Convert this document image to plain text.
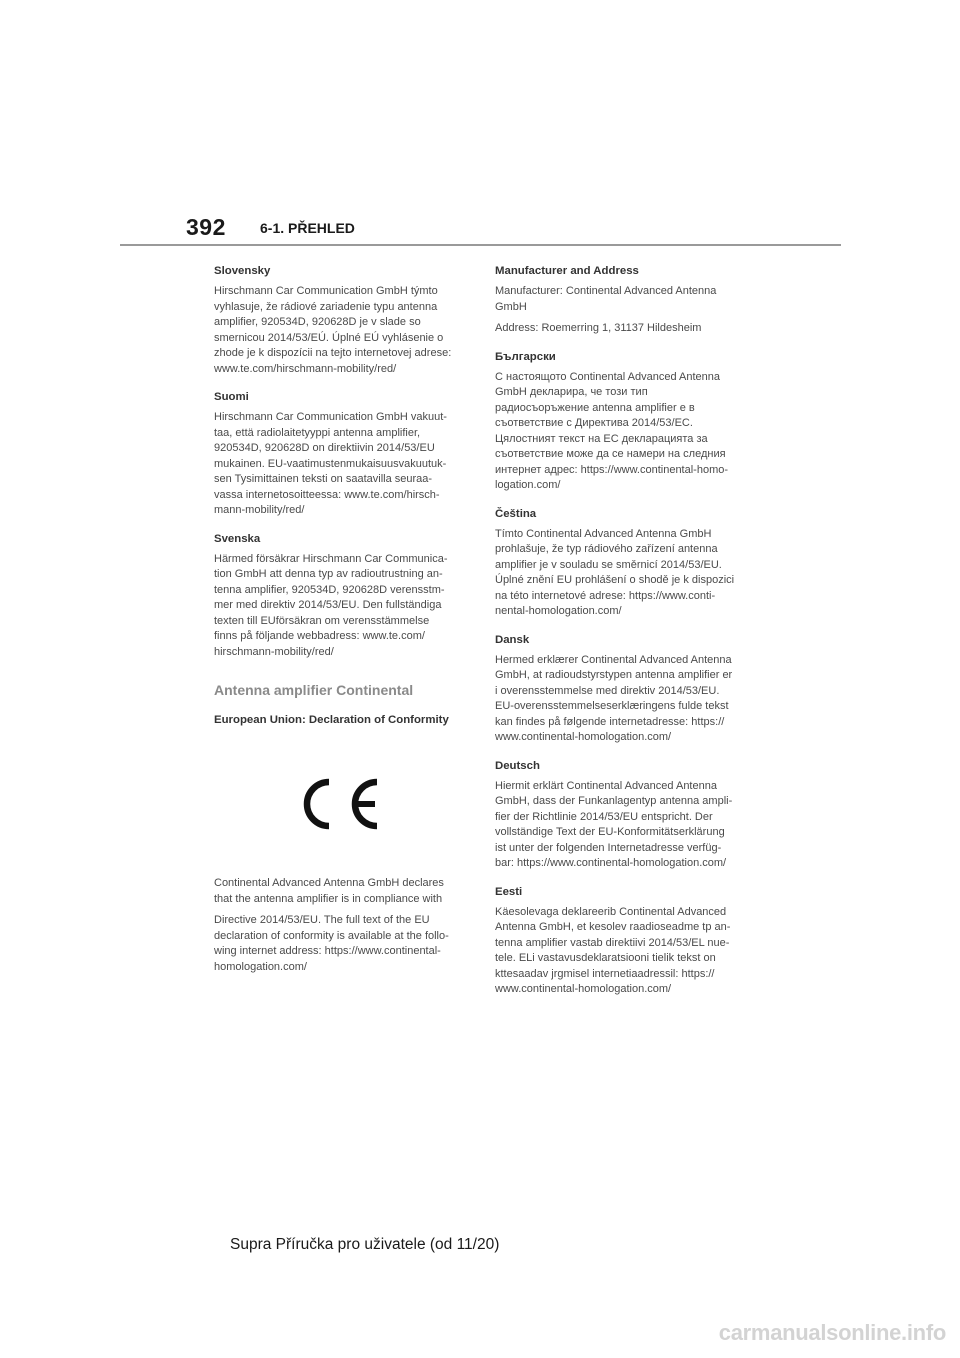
392 6-1. PŘEHLED
Slovensky
Hirschmann Car Communication GmbH týmto
vyhlasuje, že rádiové zariadenie typu antenna
amplifier, 920534D, 920628D je v slade so
smernicou 2014/53/EÚ. Úplné EÚ vyhlásenie o
zhode je k dispozícii na tejto internetovej adrese:
www.te.com/hirschmann-mobility/red/
Suomi
Hirschmann Car Communication GmbH vakuut-
taa, että radiolaitetyyppi antenna amplifier,
920534D, 920628D on direktiivin 2014/53/EU
mukainen. EU-vaatimustenmukaisuusvakuutuk-
sen Tysimittainen teksti on saatavilla seuraa-
vassa internetosoitteessa: www.te.com/hirsch-
mann-mobility/red/
Svenska
Härmed försäkrar Hirschmann Car Communica-
tion GmbH att denna typ av radioutrustning an-
tenna amplifier, 920534D, 920628D verensstm-
mer med direktiv 2014/53/EU. Den fullständiga
texten till EUförsäkran om verensstämmelse
finns på följande webbadress: www.te.com/
hirschmann-mobility/red/
Antenna amplifier Continental
European Union: Declaration of Conformity
Continental Advanced Antenna GmbH declares
that the antenna amplifier is in compliance with
Directive 2014/53/EU. The full text of the EU
declaration of conformity is available at the follo-
wing internet address: https://www.continental-
homologation.com/
Manufacturer and Address
Manufacturer: Continental Advanced Antenna
GmbH
Address: Roemerring 1, 31137 Hildesheim
Български
С настоящото Continental Advanced Antenna
GmbH декларира, че този тип
радиосъоръжение antenna amplifier е в
съответствие с Директива 2014/53/ЕС.
Цялостният текст на ЕС декларацията за
съответствие може да се намери на следния
интернет адрес: https://www.continental-homo-
logation.com/
Čeština
Tímto Continental Advanced Antenna GmbH
prohlašuje, že typ rádiového zařízení antenna
amplifier je v souladu se směrnicí 2014/53/EU.
Úplné znění EU prohlášení o shodě je k dispozici
na této internetové adrese: https://www.conti-
nental-homologation.com/
Dansk
Hermed erklærer Continental Advanced Antenna
GmbH, at radioudstyrstypen antenna amplifier er
i overensstemmelse med direktiv 2014/53/EU.
EU-overensstemmelseserklæringens fulde tekst
kan findes på følgende internetadresse: https://
www.continental-homologation.com/
Deutsch
Hiermit erklärt Continental Advanced Antenna
GmbH, dass der Funkanlagentyp antenna ampli-
fier der Richtlinie 2014/53/EU entspricht. Der
vollständige Text der EU-Konformitätserklärung
ist unter der folgenden Internetadresse verfüg-
bar: https://www.continental-homologation.com/
Eesti
Käesolevaga deklareerib Continental Advanced
Antenna GmbH, et kesolev raadioseadme tp an-
tenna amplifier vastab direktiivi 2014/53/EL nue-
tele. ELi vastavusdeklaratsiooni tielik tekst on
kttesaadav jrgmisel internetiaadressil: https://
www.continental-homologation.com/
Supra Příručka pro uživatele (od 11/20)
carmanualsonline.info
